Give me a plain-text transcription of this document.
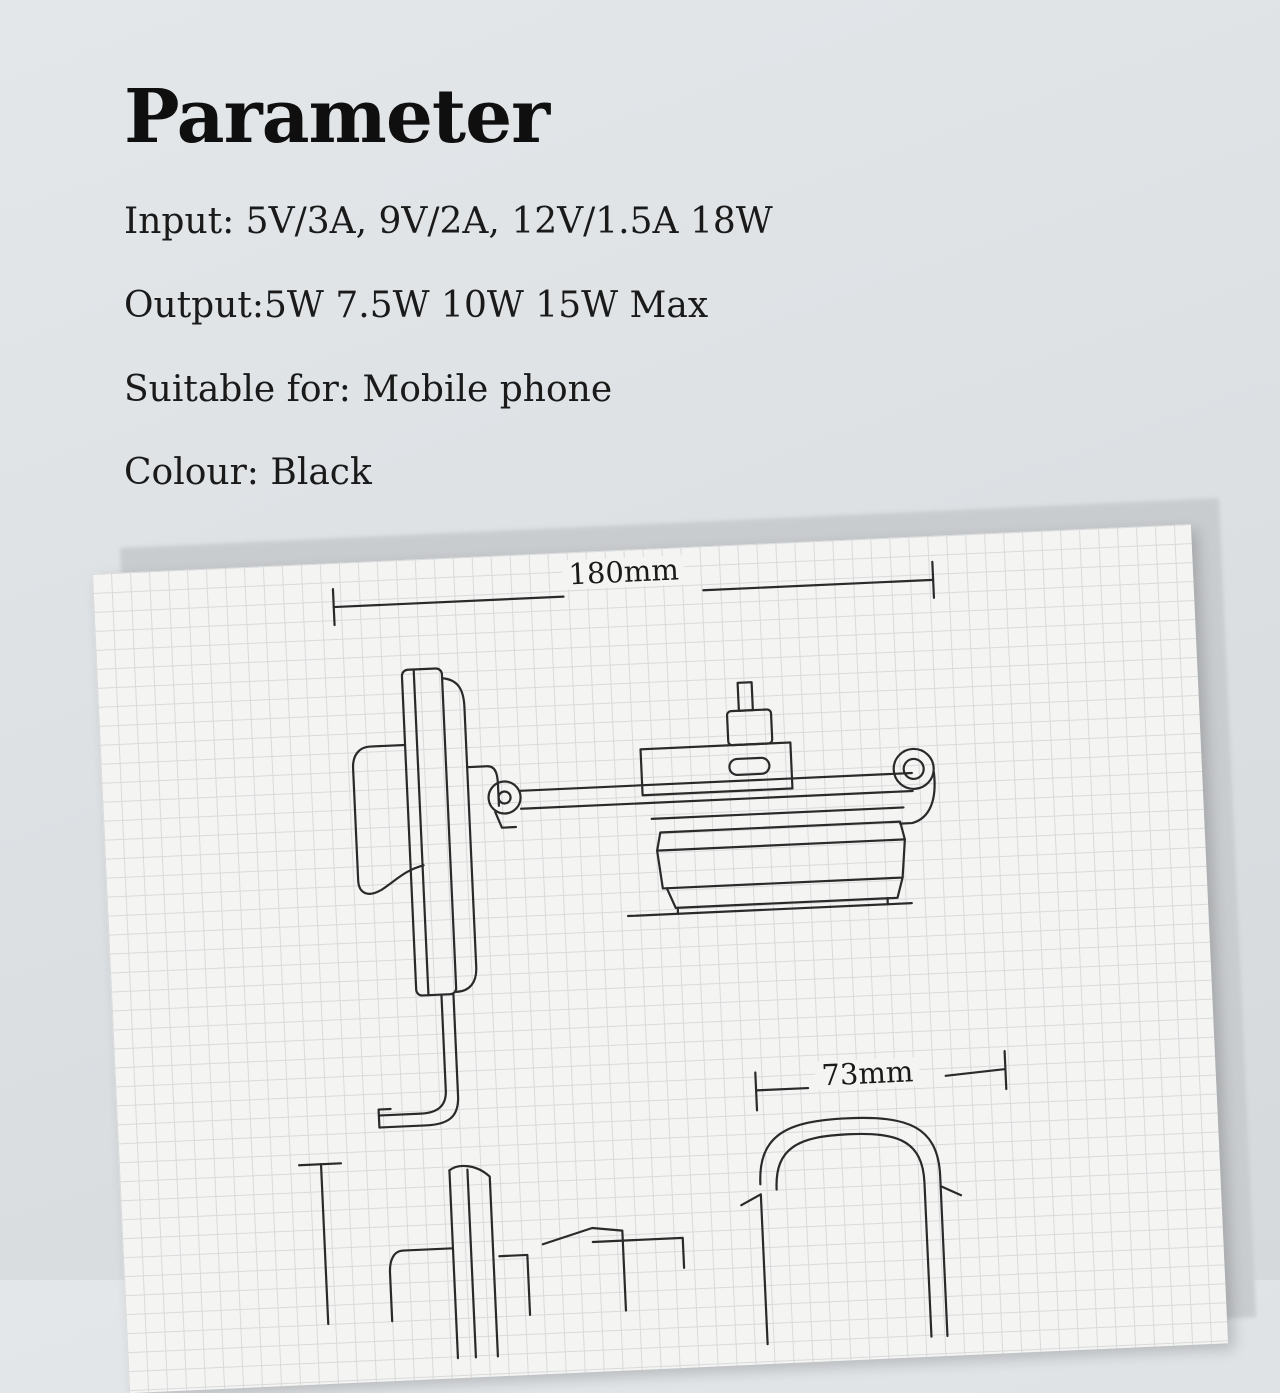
Parameter
Input: 5V/3A, 9V/2A, 12V/1.5A 18W
Output:5W 7.5W 10W 15W Max
Suitable for: Mobile phone
Colour: Black
180mm
73mm
